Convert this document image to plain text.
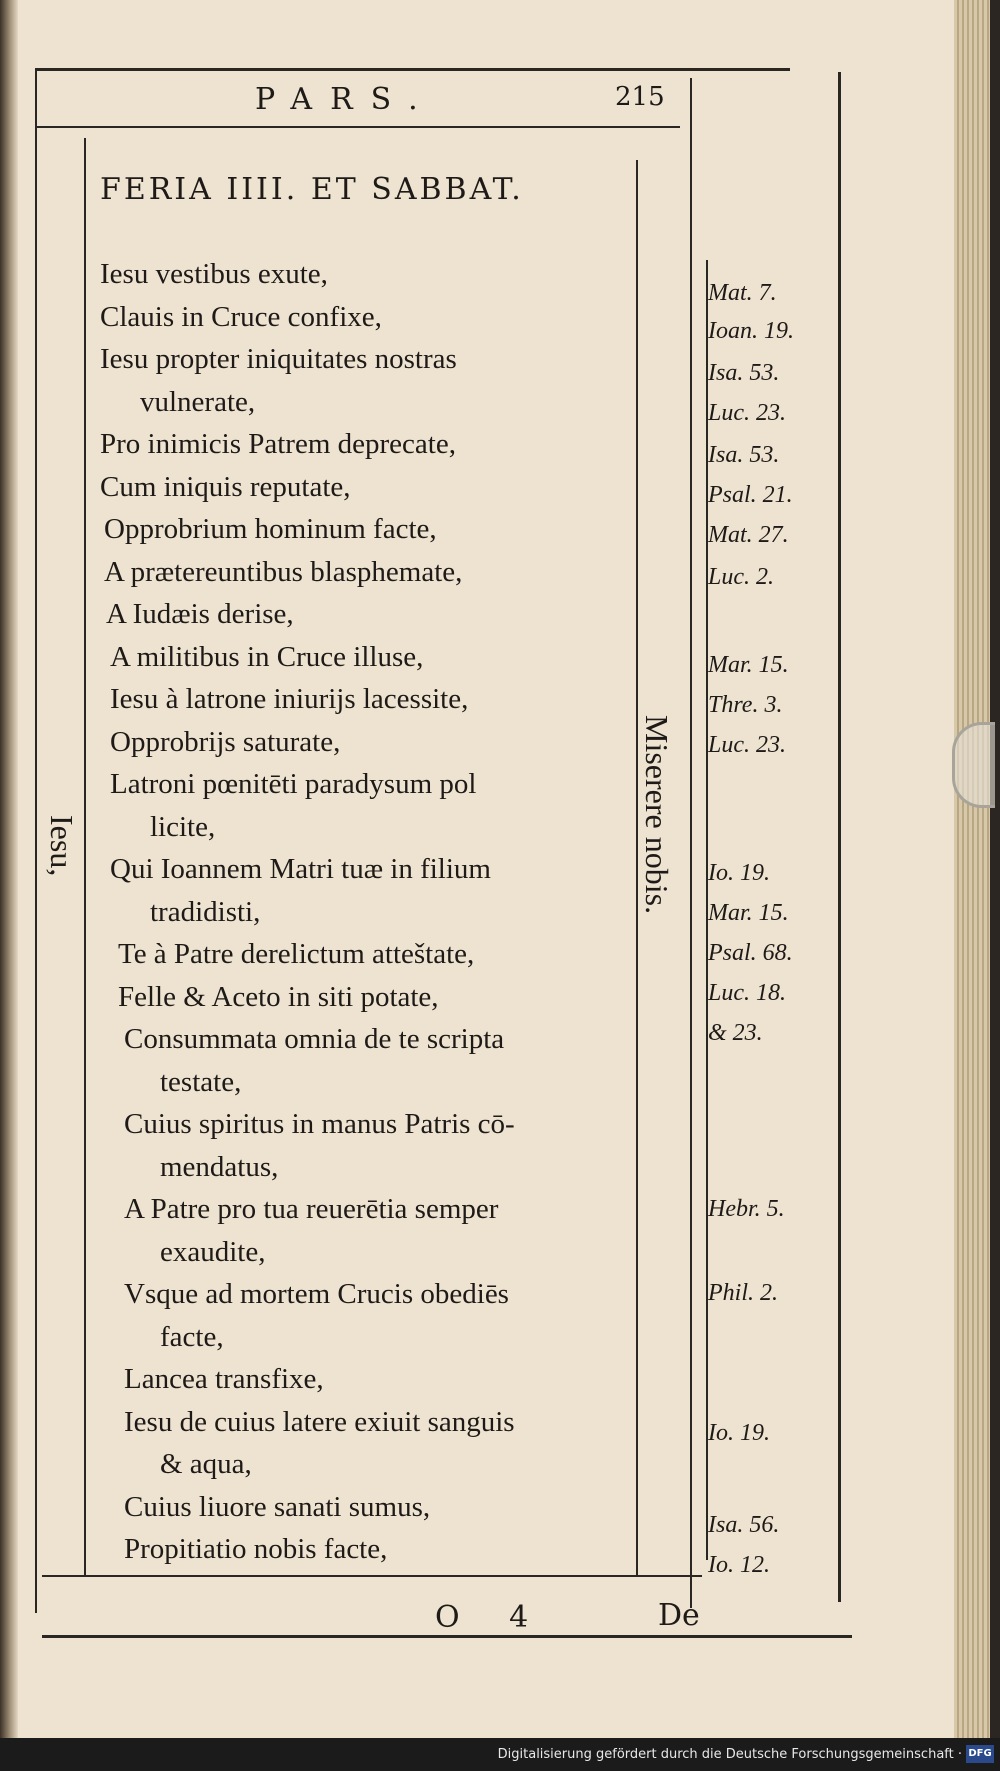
PARS.	215
FERIA IIII. ET SABBAT.
Iesu,	Miserere nobis.
Iesu vestibus exute,
Clauis in Cruce confixe,
Iesu propter iniquitates nostras
vulnerate,
Pro inimicis Patrem deprecate,
Cum iniquis reputate,
Opprobrium hominum facte,
A prætereuntibus blasphemate,
A Iudæis derise,
A militibus in Cruce illuse,
Iesu à latrone iniurijs lacessite,
Opprobrijs saturate,
Latroni pœnitēti paradysum pol
licite,
Qui Ioannem Matri tuæ in filium
tradidisti,
Te à Patre derelictum atteštate,
Felle & Aceto in siti potate,
Consummata omnia de te scripta
testate,
Cuius spiritus in manus Patris cō-
mendatus,
A Patre pro tua reuerētia semper
exaudite,
Vsque ad mortem Crucis obediēs
facte,
Lancea transfixe,
Iesu de cuius latere exiuit sanguis
& aqua,
Cuius liuore sanati sumus,
Propitiatio nobis facte,
Mat. 7.
Ioan. 19.
Isa. 53.
Luc. 23.
Isa. 53.
Psal. 21.
Mat. 27.
Luc. 2.
Mar. 15.
Thre. 3.
Luc. 23.
Io. 19.
Mar. 15.
Psal. 68.
Luc. 18.
& 23.
Hebr. 5.
Phil. 2.
Io. 19.
Isa. 56.
Io. 12.
O 4	De
Digitalisierung gefördert durch die Deutsche Forschungsgemeinschaft · DFG
